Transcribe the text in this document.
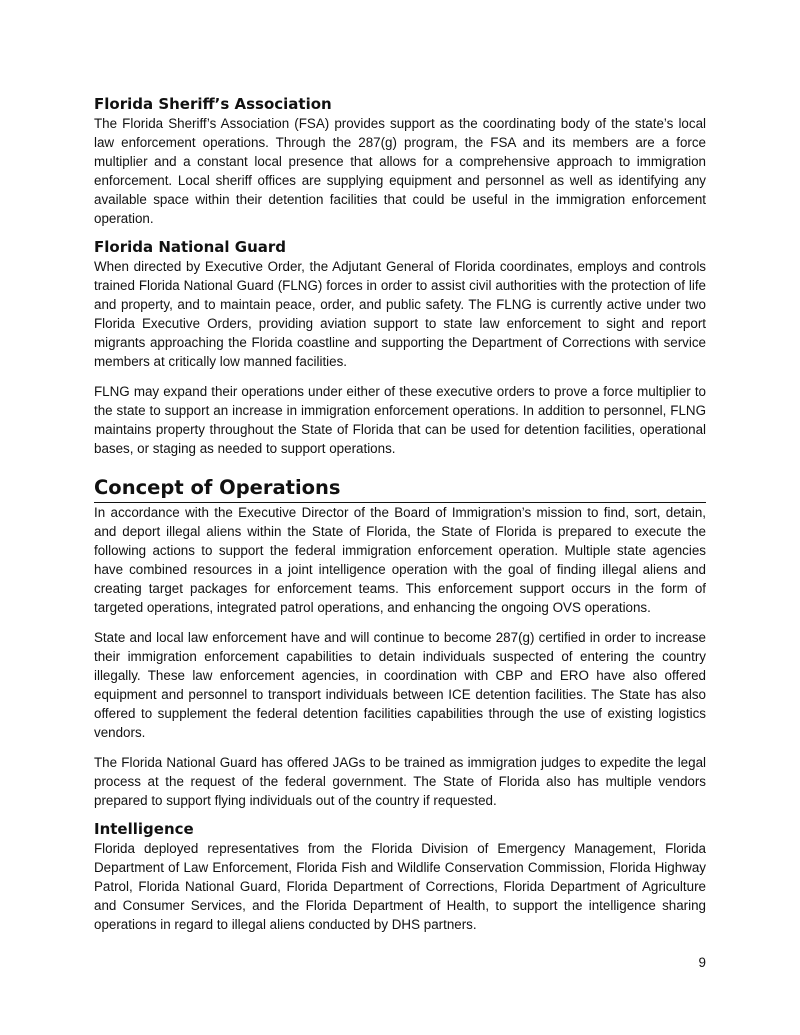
Florida Sheriff’s Association

The Florida Sheriff’s Association (FSA) provides support as the coordinating body of the state’s local law enforcement operations. Through the 287(g) program, the FSA and its members are a force multiplier and a constant local presence that allows for a comprehensive approach to immigration enforcement. Local sheriff offices are supplying equipment and personnel as well as identifying any available space within their detention facilities that could be useful in the immigration enforcement operation.

Florida National Guard

When directed by Executive Order, the Adjutant General of Florida coordinates, employs and controls trained Florida National Guard (FLNG) forces in order to assist civil authorities with the protection of life and property, and to maintain peace, order, and public safety. The FLNG is currently active under two Florida Executive Orders, providing aviation support to state law enforcement to sight and report migrants approaching the Florida coastline and supporting the Department of Corrections with service members at critically low manned facilities.

FLNG may expand their operations under either of these executive orders to prove a force multiplier to the state to support an increase in immigration enforcement operations. In addition to personnel, FLNG maintains property throughout the State of Florida that can be used for detention facilities, operational bases, or staging as needed to support operations.

Concept of Operations

In accordance with the Executive Director of the Board of Immigration’s mission to find, sort, detain, and deport illegal aliens within the State of Florida, the State of Florida is prepared to execute the following actions to support the federal immigration enforcement operation. Multiple state agencies have combined resources in a joint intelligence operation with the goal of finding illegal aliens and creating target packages for enforcement teams. This enforcement support occurs in the form of targeted operations, integrated patrol operations, and enhancing the ongoing OVS operations.

State and local law enforcement have and will continue to become 287(g) certified in order to increase their immigration enforcement capabilities to detain individuals suspected of entering the country illegally. These law enforcement agencies, in coordination with CBP and ERO have also offered equipment and personnel to transport individuals between ICE detention facilities. The State has also offered to supplement the federal detention facilities capabilities through the use of existing logistics vendors.

The Florida National Guard has offered JAGs to be trained as immigration judges to expedite the legal process at the request of the federal government. The State of Florida also has multiple vendors prepared to support flying individuals out of the country if requested.

Intelligence

Florida deployed representatives from the Florida Division of Emergency Management, Florida Department of Law Enforcement, Florida Fish and Wildlife Conservation Commission, Florida Highway Patrol, Florida National Guard, Florida Department of Corrections, Florida Department of Agriculture and Consumer Services, and the Florida Department of Health, to support the intelligence sharing operations in regard to illegal aliens conducted by DHS partners.

9
